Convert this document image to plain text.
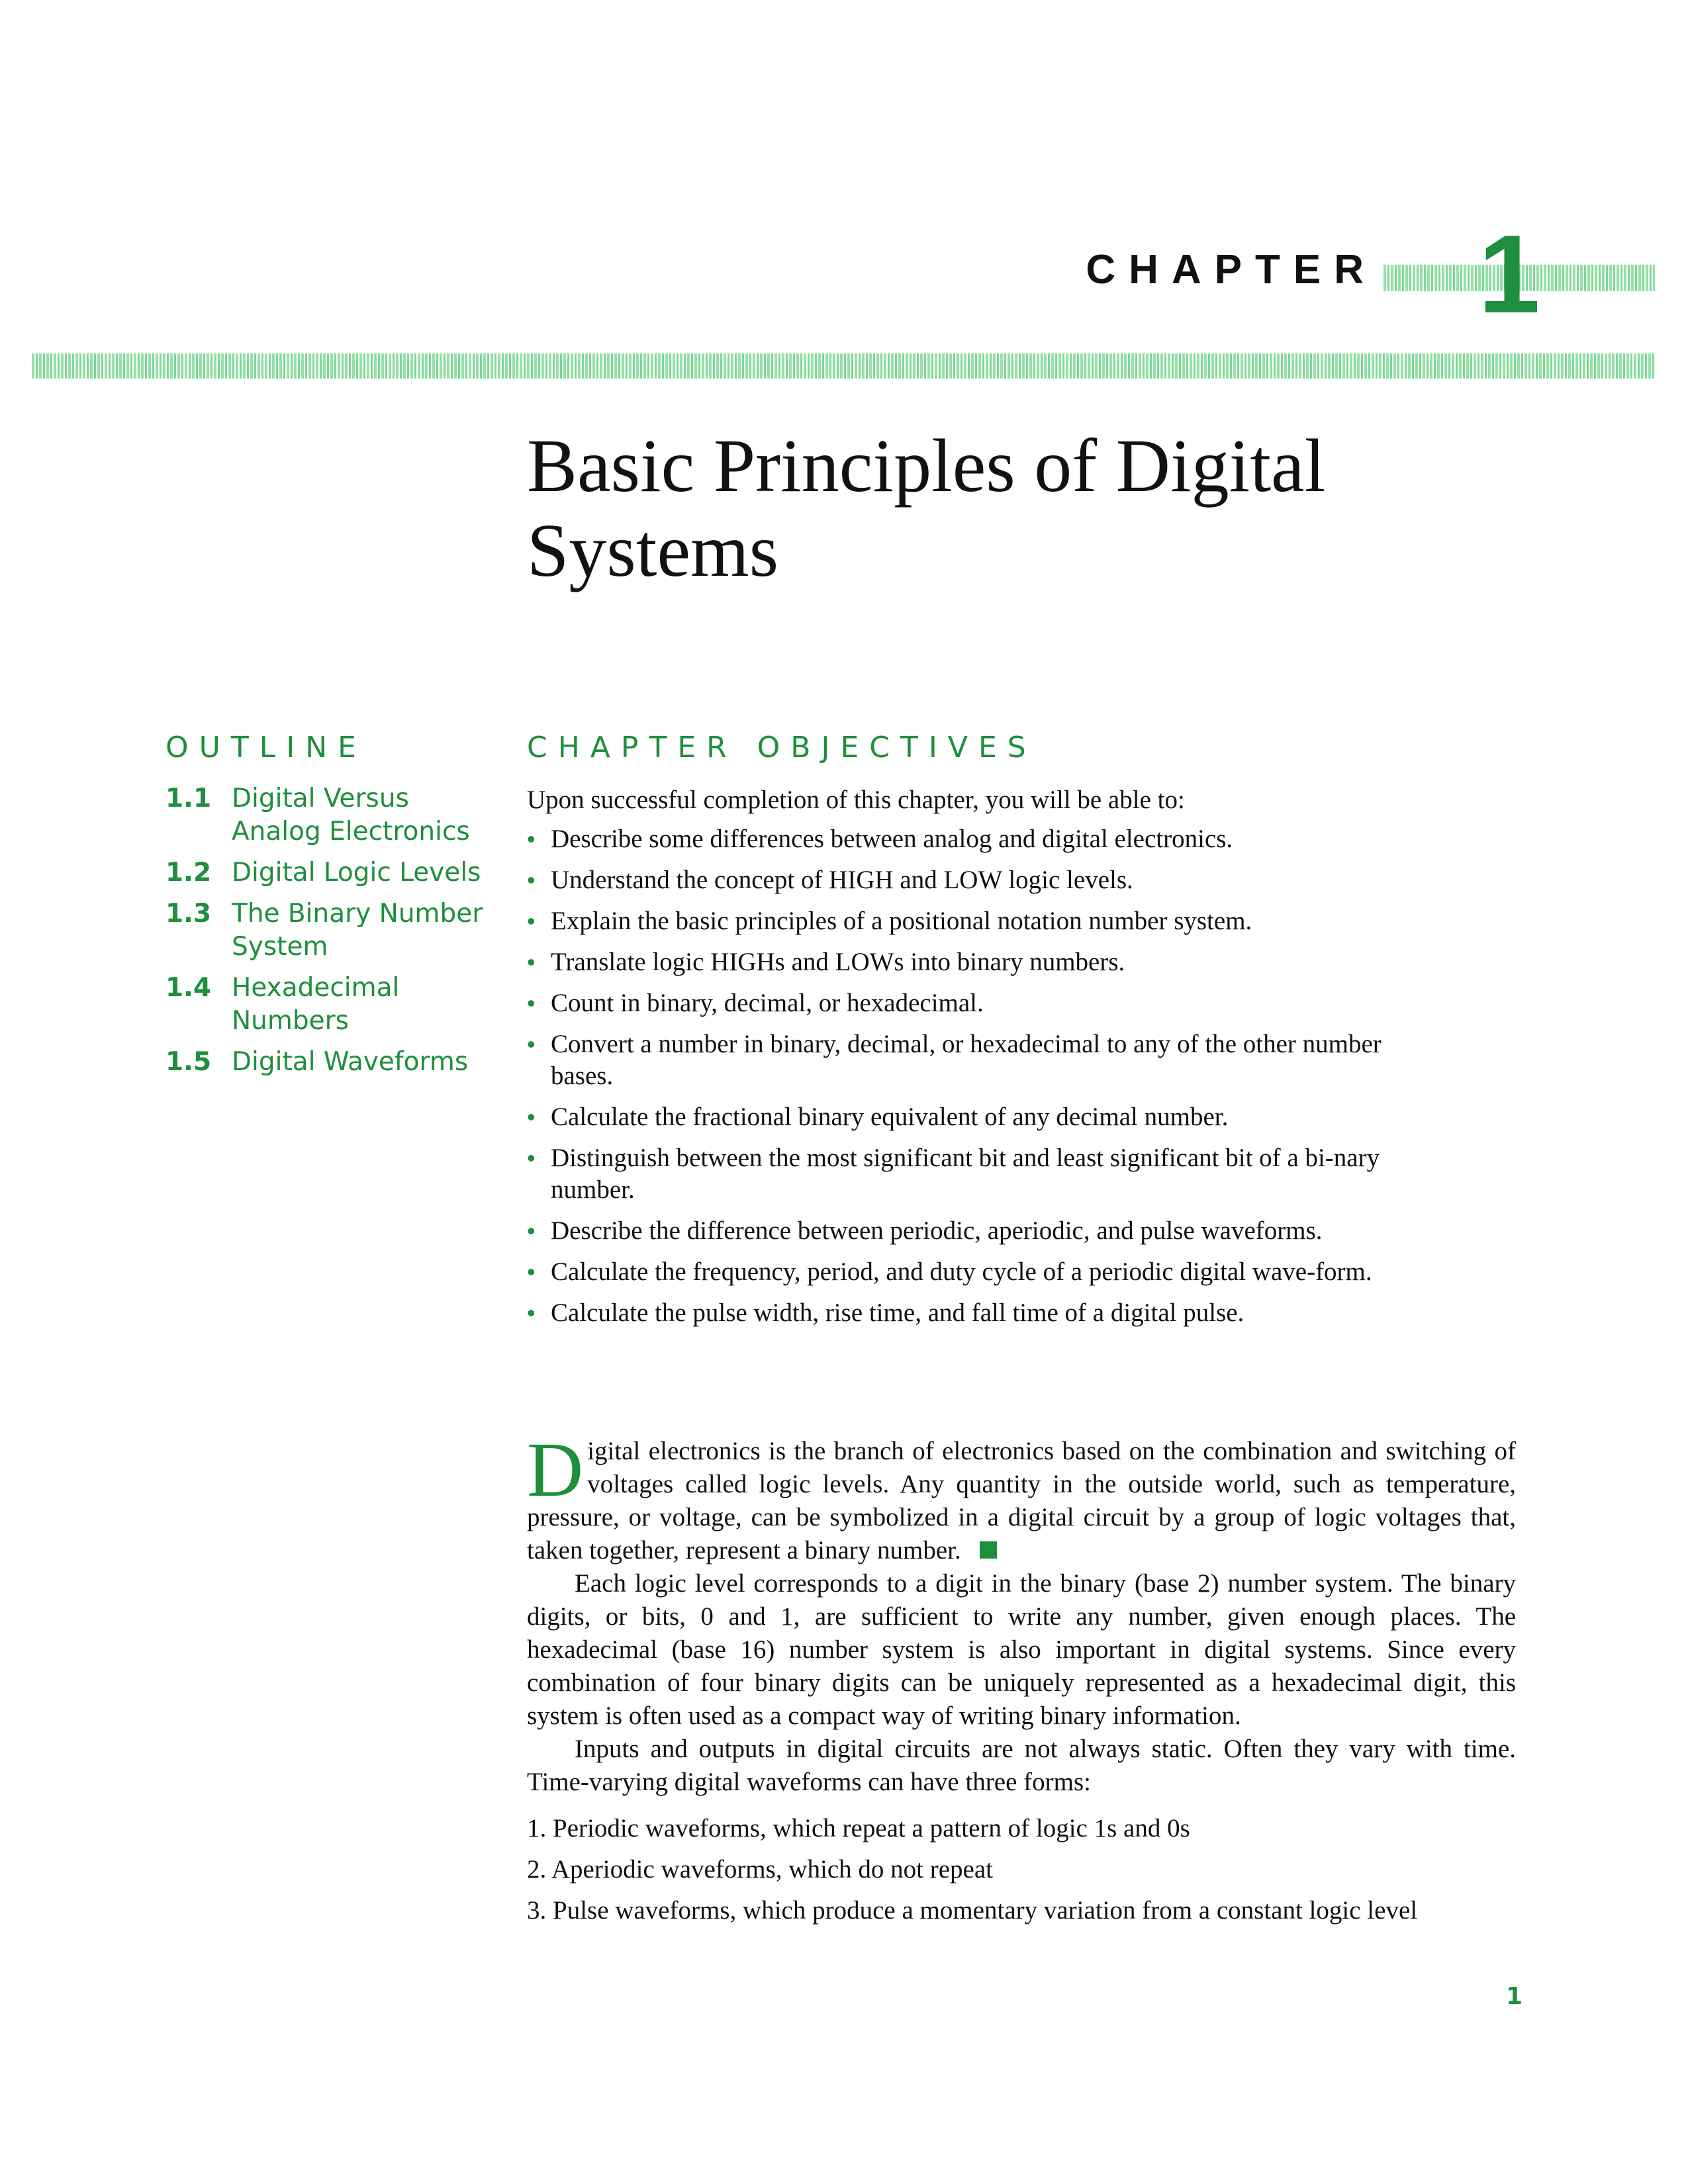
CHAPTER 1
Basic Principles of Digital Systems
OUTLINE
1.1 Digital Versus Analog Electronics
1.2 Digital Logic Levels
1.3 The Binary Number System
1.4 Hexadecimal Numbers
1.5 Digital Waveforms
CHAPTER OBJECTIVES
Upon successful completion of this chapter, you will be able to:
• Describe some differences between analog and digital electronics.
• Understand the concept of HIGH and LOW logic levels.
• Explain the basic principles of a positional notation number system.
• Translate logic HIGHs and LOWs into binary numbers.
• Count in binary, decimal, or hexadecimal.
• Convert a number in binary, decimal, or hexadecimal to any of the other number bases.
• Calculate the fractional binary equivalent of any decimal number.
• Distinguish between the most significant bit and least significant bit of a bi-nary number.
• Describe the difference between periodic, aperiodic, and pulse waveforms.
• Calculate the frequency, period, and duty cycle of a periodic digital wave-form.
• Calculate the pulse width, rise time, and fall time of a digital pulse.

Digital electronics is the branch of electronics based on the combination and switching of voltages called logic levels. Any quantity in the outside world, such as temperature, pressure, or voltage, can be symbolized in a digital circuit by a group of logic voltages that, taken together, represent a binary number.

Each logic level corresponds to a digit in the binary (base 2) number system. The binary digits, or bits, 0 and 1, are sufficient to write any number, given enough places. The hexadecimal (base 16) number system is also important in digital systems. Since every combination of four binary digits can be uniquely represented as a hexadecimal digit, this system is often used as a compact way of writing binary information.

Inputs and outputs in digital circuits are not always static. Often they vary with time. Time-varying digital waveforms can have three forms:

1. Periodic waveforms, which repeat a pattern of logic 1s and 0s
2. Aperiodic waveforms, which do not repeat
3. Pulse waveforms, which produce a momentary variation from a constant logic level
1
